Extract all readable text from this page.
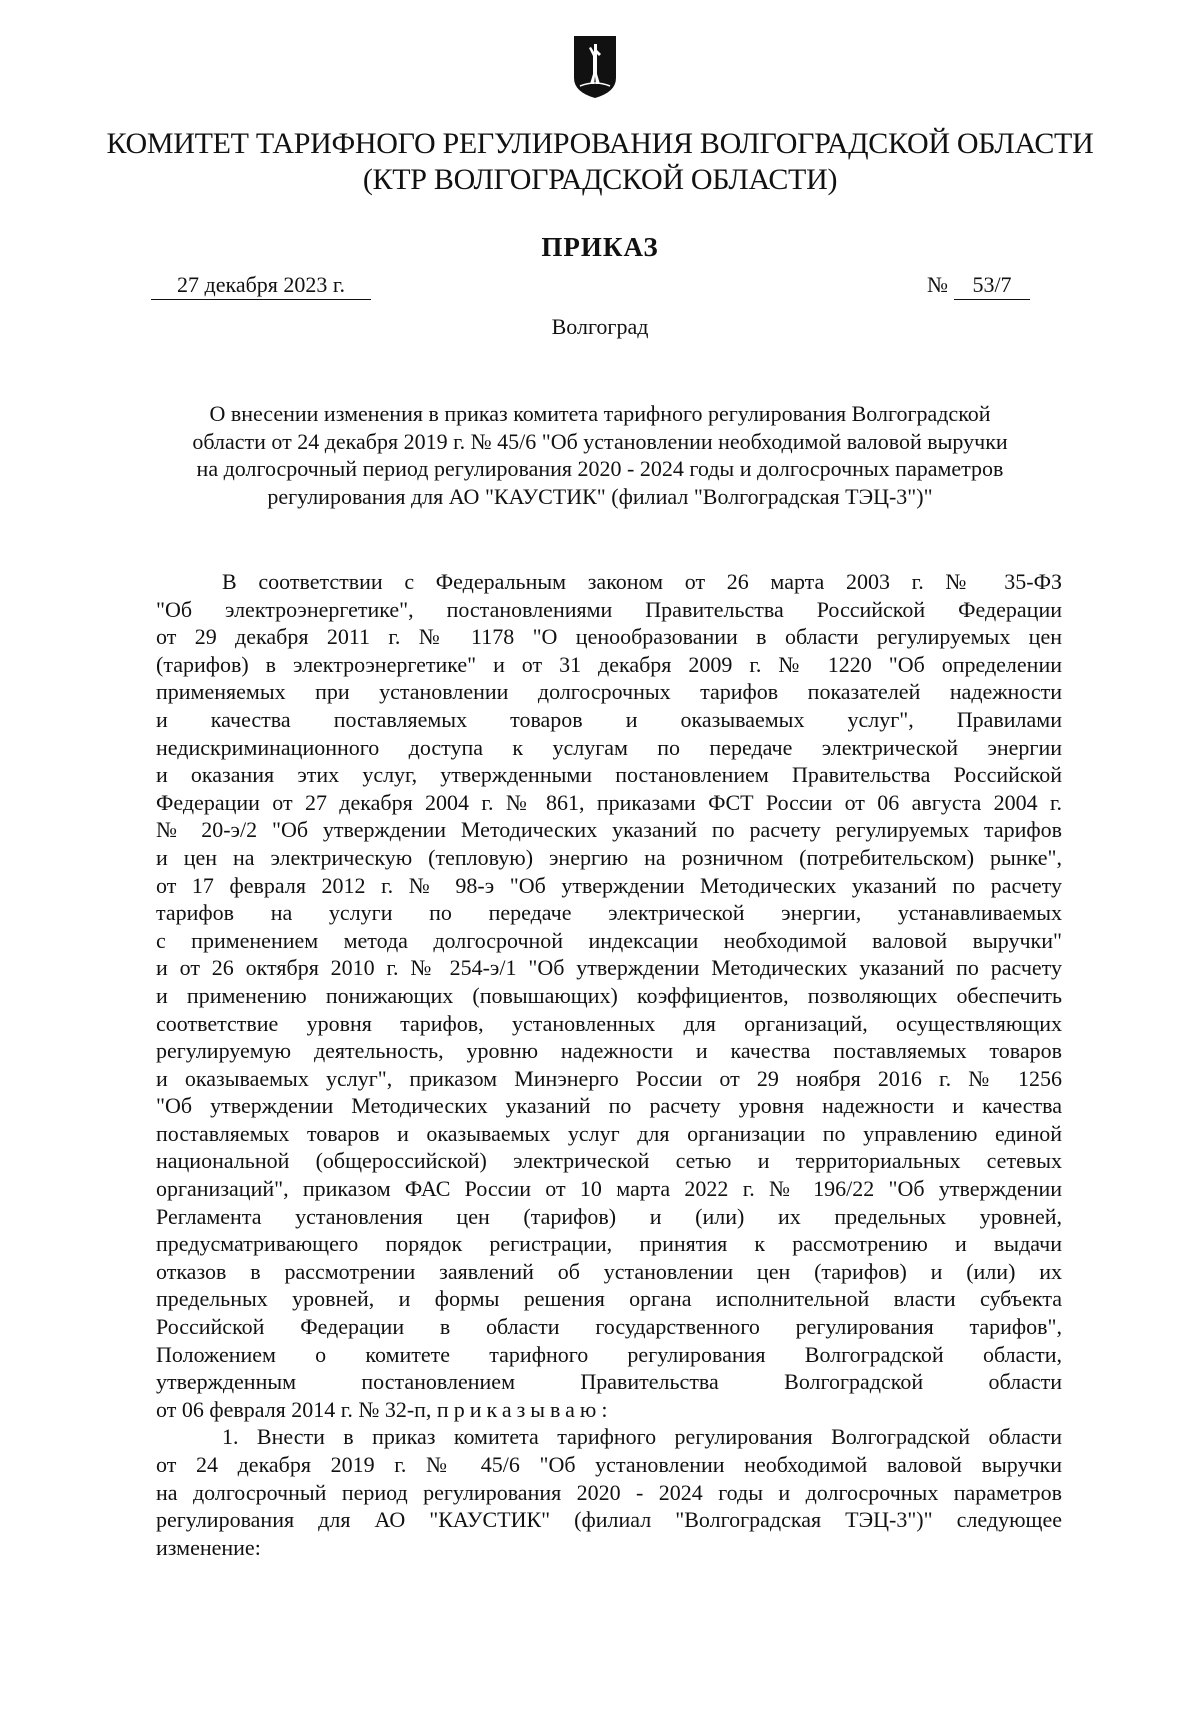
КОМИТЕТ ТАРИФНОГО РЕГУЛИРОВАНИЯ ВОЛГОГРАДСКОЙ ОБЛАСТИ
(КТР ВОЛГОГРАДСКОЙ ОБЛАСТИ)
ПРИКАЗ
27 декабря 2023 г.	№ 53/7
Волгоград
О внесении изменения в приказ комитета тарифного регулирования Волгоградской
области от 24 декабря 2019 г. № 45/6 "Об установлении необходимой валовой выручки
на долгосрочный период регулирования 2020 - 2024 годы и долгосрочных параметров
регулирования для АО "КАУСТИК" (филиал "Волгоградская ТЭЦ-3")"
В соответствии с Федеральным законом от 26 марта 2003 г. № 35-ФЗ
"Об электроэнергетике", постановлениями Правительства Российской Федерации
от 29 декабря 2011 г. № 1178 "О ценообразовании в области регулируемых цен
(тарифов) в электроэнергетике" и от 31 декабря 2009 г. № 1220 "Об определении
применяемых при установлении долгосрочных тарифов показателей надежности
и качества поставляемых товаров и оказываемых услуг", Правилами
недискриминационного доступа к услугам по передаче электрической энергии
и оказания этих услуг, утвержденными постановлением Правительства Российской
Федерации от 27 декабря 2004 г. № 861, приказами ФСТ России от 06 августа 2004 г.
№ 20-э/2 "Об утверждении Методических указаний по расчету регулируемых тарифов
и цен на электрическую (тепловую) энергию на розничном (потребительском) рынке",
от 17 февраля 2012 г. № 98-э "Об утверждении Методических указаний по расчету
тарифов на услуги по передаче электрической энергии, устанавливаемых
с применением метода долгосрочной индексации необходимой валовой выручки"
и от 26 октября 2010 г. № 254-э/1 "Об утверждении Методических указаний по расчету
и применению понижающих (повышающих) коэффициентов, позволяющих обеспечить
соответствие уровня тарифов, установленных для организаций, осуществляющих
регулируемую деятельность, уровню надежности и качества поставляемых товаров
и оказываемых услуг", приказом Минэнерго России от 29 ноября 2016 г. № 1256
"Об утверждении Методических указаний по расчету уровня надежности и качества
поставляемых товаров и оказываемых услуг для организации по управлению единой
национальной (общероссийской) электрической сетью и территориальных сетевых
организаций", приказом ФАС России от 10 марта 2022 г. № 196/22 "Об утверждении
Регламента установления цен (тарифов) и (или) их предельных уровней,
предусматривающего порядок регистрации, принятия к рассмотрению и выдачи
отказов в рассмотрении заявлений об установлении цен (тарифов) и (или) их
предельных уровней, и формы решения органа исполнительной власти субъекта
Российской Федерации в области государственного регулирования тарифов",
Положением о комитете тарифного регулирования Волгоградской области,
утвержденным постановлением Правительства Волгоградской области
от 06 февраля 2014 г. № 32-п, приказываю:
1. Внести в приказ комитета тарифного регулирования Волгоградской области
от 24 декабря 2019 г. № 45/6 "Об установлении необходимой валовой выручки
на долгосрочный период регулирования 2020 - 2024 годы и долгосрочных параметров
регулирования для АО "КАУСТИК" (филиал "Волгоградская ТЭЦ-3")" следующее
изменение:
